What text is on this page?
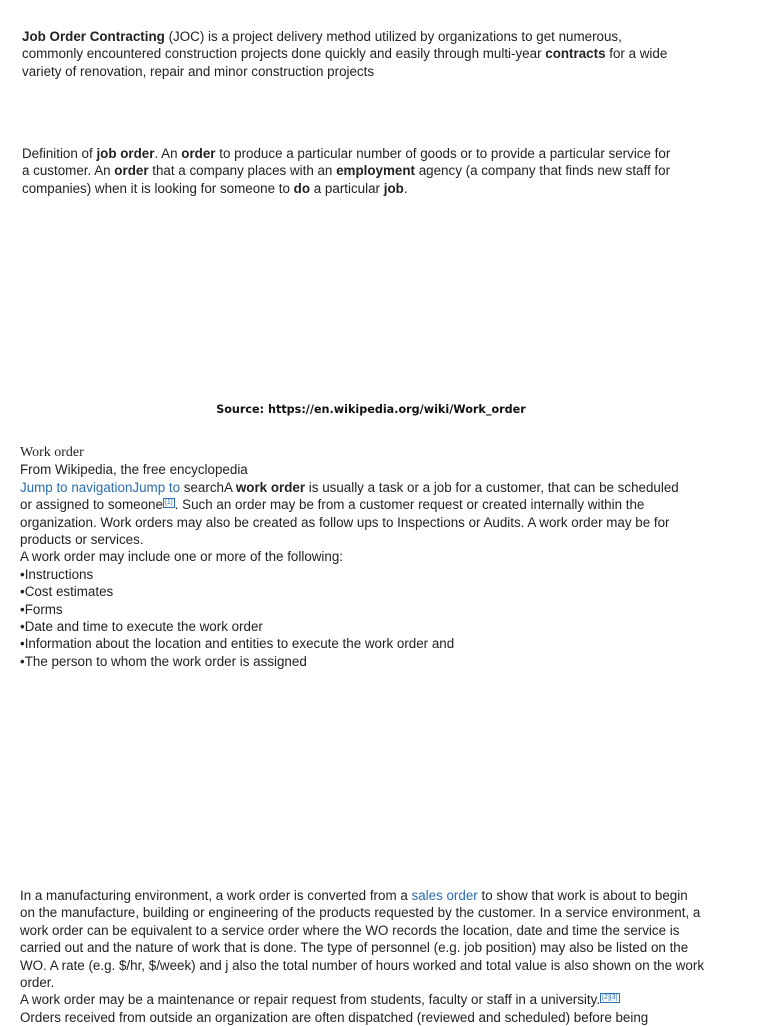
Job Order Contracting (JOC) is a project delivery method utilized by organizations to get numerous,
commonly encountered construction projects done quickly and easily through multi-year contracts for a wide
variety of renovation, repair and minor construction projects
Definition of job order. An order to produce a particular number of goods or to provide a particular service for
a customer. An order that a company places with an employment agency (a company that finds new staff for
companies) when it is looking for someone to do a particular job.
Source: https://en.wikipedia.org/wiki/Work_order
Work order
From Wikipedia, the free encyclopedia
Jump to navigationJump to searchA work order is usually a task or a job for a customer, that can be scheduled
or assigned to someone [1] . Such an order may be from a customer request or created internally within the
organization. Work orders may also be created as follow ups to Inspections or Audits. A work order may be for
products or services.
A work order may include one or more of the following:
•Instructions
•Cost estimates
•Forms
•Date and time to execute the work order
•Information about the location and entities to execute the work order and
•The person to whom the work order is assigned
In a manufacturing environment, a work order is converted from a sales order to show that work is about to begin
on the manufacture, building or engineering of the products requested by the customer. In a service environment, a
work order can be equivalent to a service order where the WO records the location, date and time the service is
carried out and the nature of work that is done. The type of personnel (e.g. job position) may also be listed on the
WO. A rate (e.g. $/hr, $/week) and j also the total number of hours worked and total value is also shown on the work
order.
A work order may be a maintenance or repair request from students, faculty or staff in a university. [2][3]
Orders received from outside an organization are often dispatched (reviewed and scheduled) before being
